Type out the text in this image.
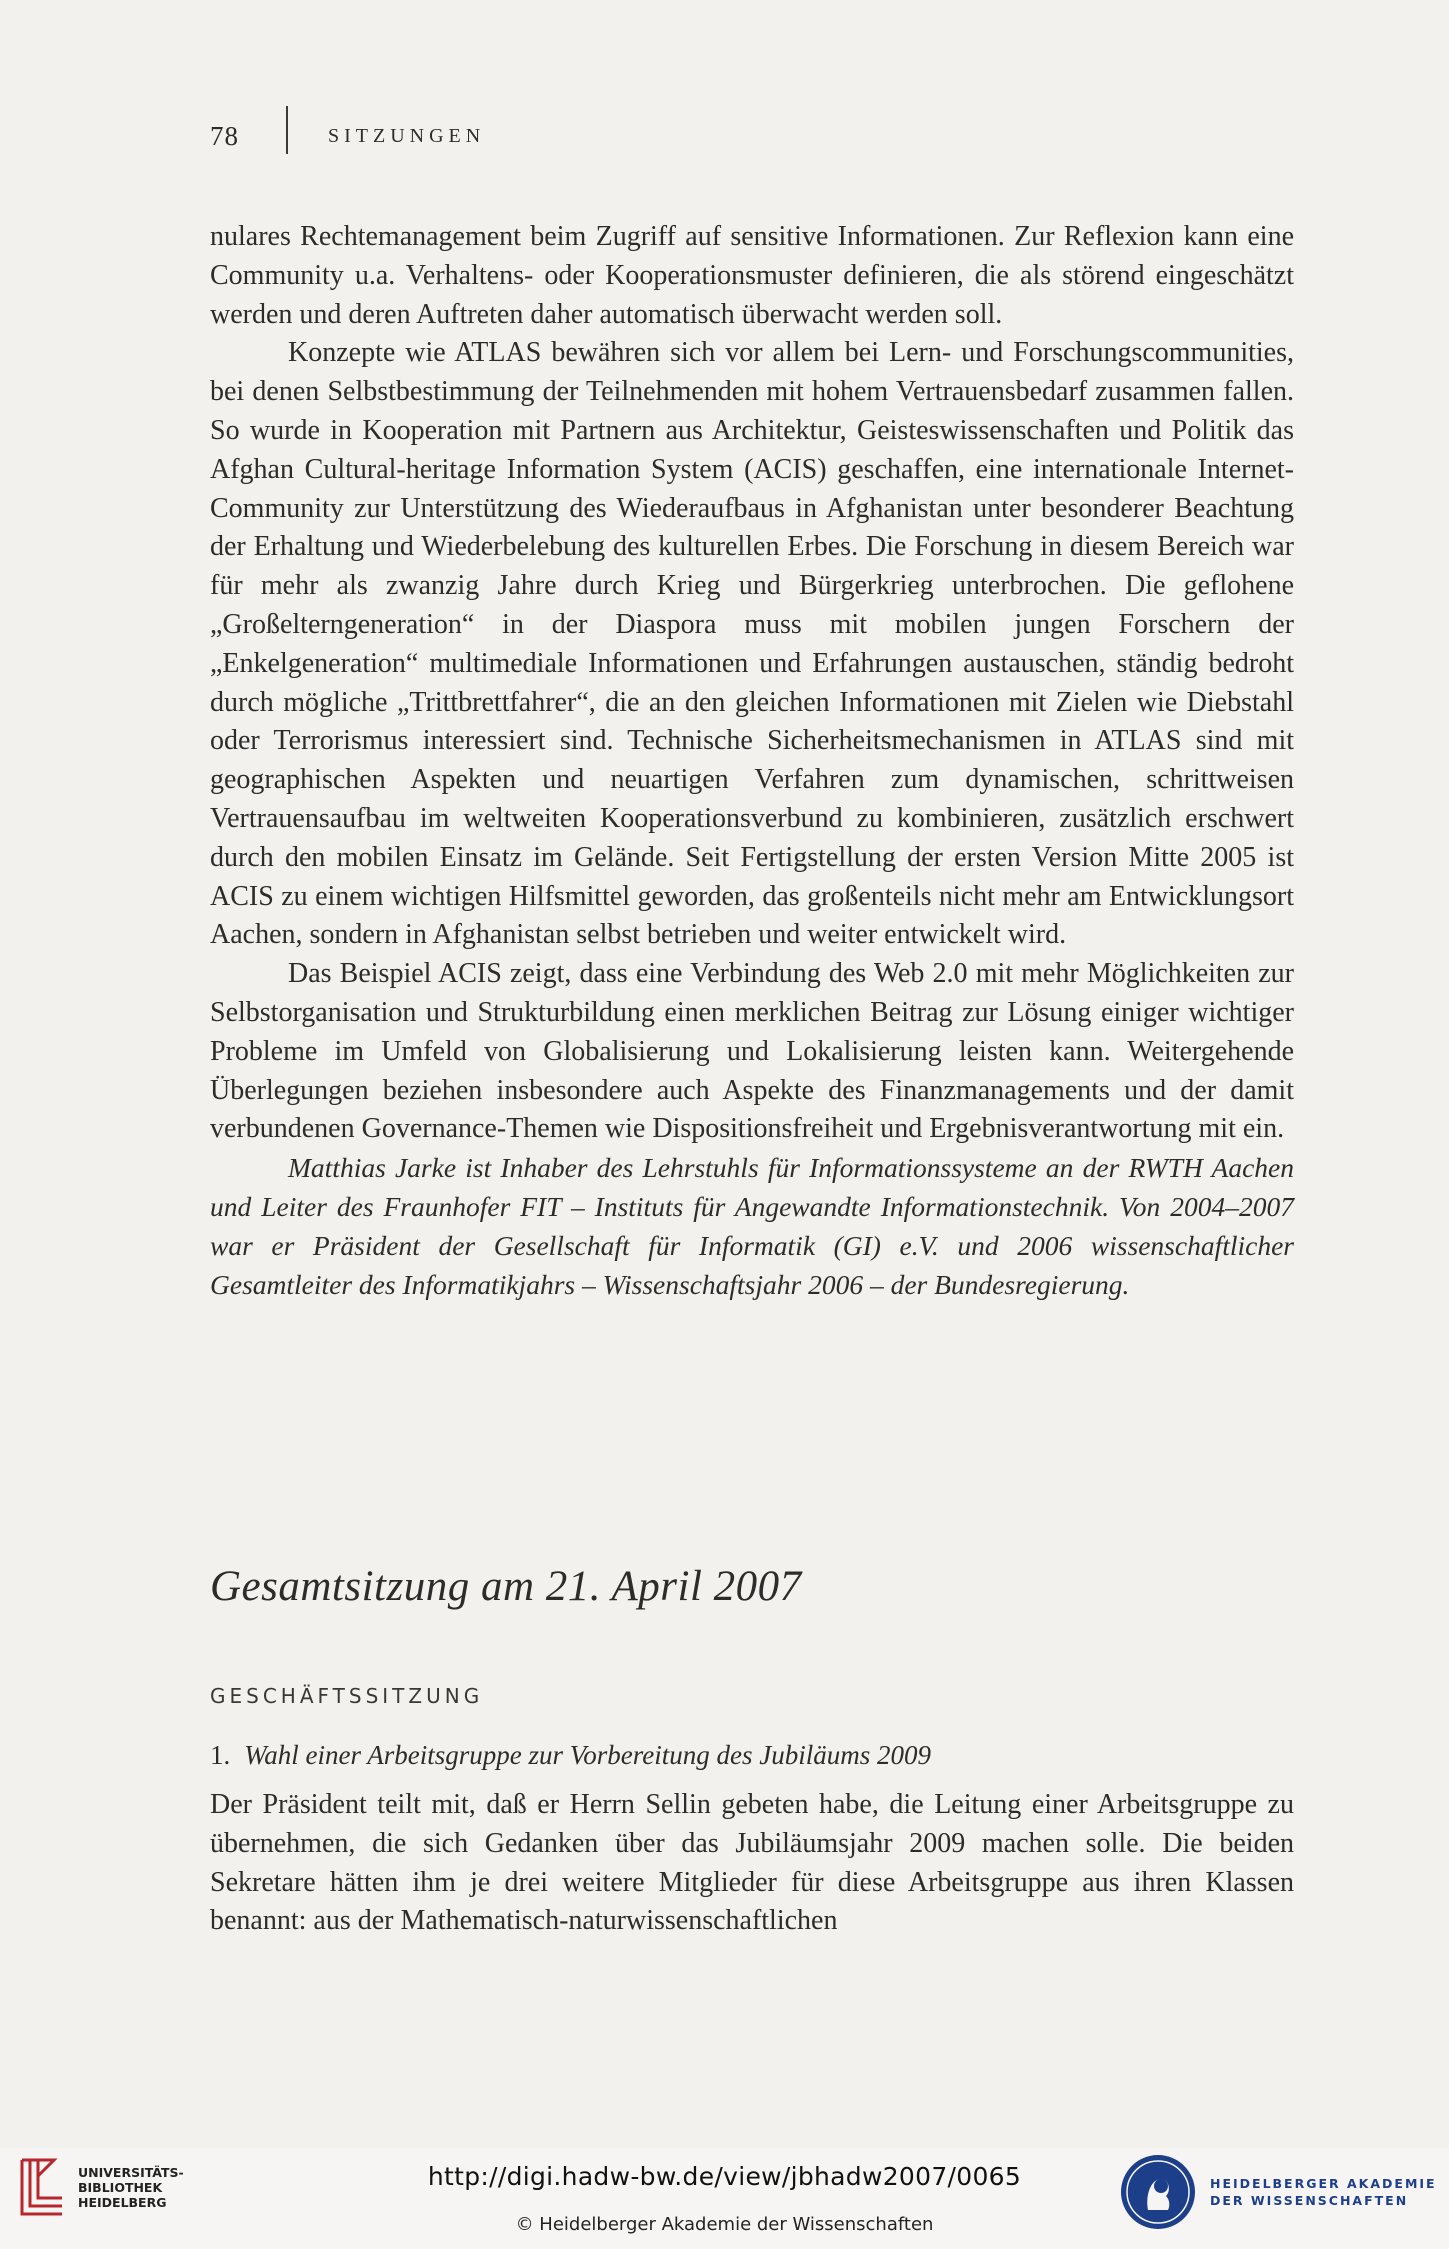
78	SITZUNGEN

nulares Rechtemanagement beim Zugriff auf sensitive Informationen. Zur Reflexion kann eine Community u.a. Verhaltens- oder Kooperationsmuster definieren, die als störend eingeschätzt werden und deren Auftreten daher automatisch überwacht werden soll.

Konzepte wie ATLAS bewähren sich vor allem bei Lern- und Forschungscommunities, bei denen Selbstbestimmung der Teilnehmenden mit hohem Vertrauensbedarf zusammen fallen. So wurde in Kooperation mit Partnern aus Architektur, Geisteswissenschaften und Politik das Afghan Cultural-heritage Information System (ACIS) geschaffen, eine internationale Internet-Community zur Unterstützung des Wiederaufbaus in Afghanistan unter besonderer Beachtung der Erhaltung und Wiederbelebung des kulturellen Erbes. Die Forschung in diesem Bereich war für mehr als zwanzig Jahre durch Krieg und Bürgerkrieg unterbrochen. Die geflohene „Großelterngeneration“ in der Diaspora muss mit mobilen jungen Forschern der „Enkelgeneration“ multimediale Informationen und Erfahrungen austauschen, ständig bedroht durch mögliche „Trittbrettfahrer“, die an den gleichen Informationen mit Zielen wie Diebstahl oder Terrorismus interessiert sind. Technische Sicherheitsmechanismen in ATLAS sind mit geographischen Aspekten und neuartigen Verfahren zum dynamischen, schrittweisen Vertrauensaufbau im weltweiten Kooperationsverbund zu kombinieren, zusätzlich erschwert durch den mobilen Einsatz im Gelände. Seit Fertigstellung der ersten Version Mitte 2005 ist ACIS zu einem wichtigen Hilfsmittel geworden, das großenteils nicht mehr am Entwicklungsort Aachen, sondern in Afghanistan selbst betrieben und weiter entwickelt wird.

Das Beispiel ACIS zeigt, dass eine Verbindung des Web 2.0 mit mehr Möglichkeiten zur Selbstorganisation und Strukturbildung einen merklichen Beitrag zur Lösung einiger wichtiger Probleme im Umfeld von Globalisierung und Lokalisierung leisten kann. Weitergehende Überlegungen beziehen insbesondere auch Aspekte des Finanzmanagements und der damit verbundenen Governance-Themen wie Dispositionsfreiheit und Ergebnisverantwortung mit ein.

Matthias Jarke ist Inhaber des Lehrstuhls für Informationssysteme an der RWTH Aachen und Leiter des Fraunhofer FIT – Instituts für Angewandte Informationstechnik. Von 2004–2007 war er Präsident der Gesellschaft für Informatik (GI) e.V. und 2006 wissenschaftlicher Gesamtleiter des Informatikjahrs – Wissenschaftsjahr 2006 – der Bundesregierung.

Gesamtsitzung am 21. April 2007
GESCHÄFTSSITZUNG
1. Wahl einer Arbeitsgruppe zur Vorbereitung des Jubiläums 2009

Der Präsident teilt mit, daß er Herrn Sellin gebeten habe, die Leitung einer Arbeitsgruppe zu übernehmen, die sich Gedanken über das Jubiläumsjahr 2009 machen solle. Die beiden Sekretare hätten ihm je drei weitere Mitglieder für diese Arbeitsgruppe aus ihren Klassen benannt: aus der Mathematisch-naturwissenschaftlichen

UNIVERSITÄTS- BIBLIOTHEK HEIDELBERG
http://digi.hadw-bw.de/view/jbhadw2007/0065
© Heidelberger Akademie der Wissenschaften
HEIDELBERGER AKADEMIE
DER WISSENSCHAFTEN
